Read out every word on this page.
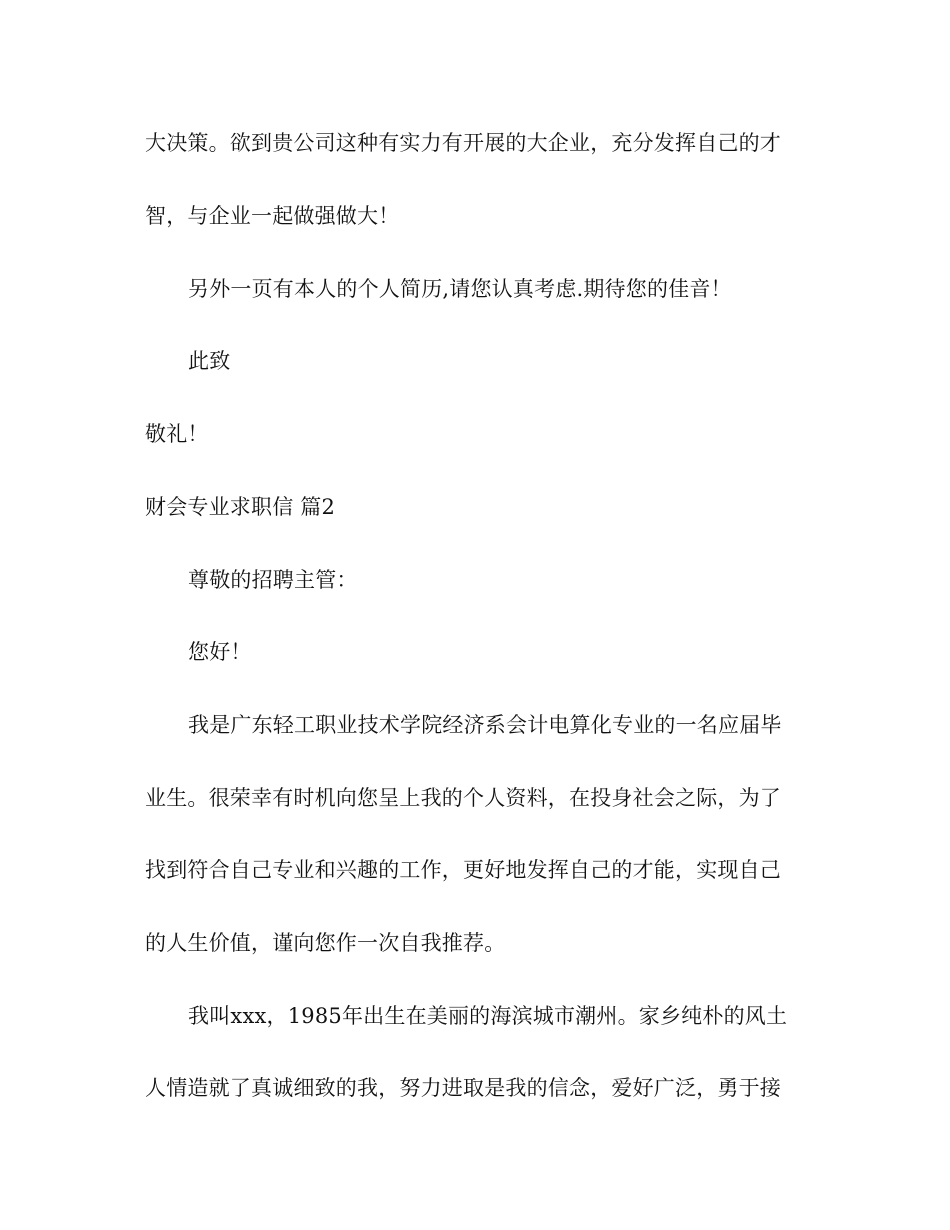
大决策。欲到贵公司这种有实力有开展的大企业，充分发挥自己的才
智，与企业一起做强做大！
另外一页有本人的个人简历,请您认真考虑.期待您的佳音！
此致
敬礼！
财会专业求职信 篇2
尊敬的招聘主管：
您好！
我是广东轻工职业技术学院经济系会计电算化专业的一名应届毕
业生。很荣幸有时机向您呈上我的个人资料，在投身社会之际，为了
找到符合自己专业和兴趣的工作，更好地发挥自己的才能，实现自己
的人生价值，谨向您作一次自我推荐。
我叫xxx，1985年出生在美丽的海滨城市潮州。家乡纯朴的风土
人情造就了真诚细致的我，努力进取是我的信念，爱好广泛，勇于接
